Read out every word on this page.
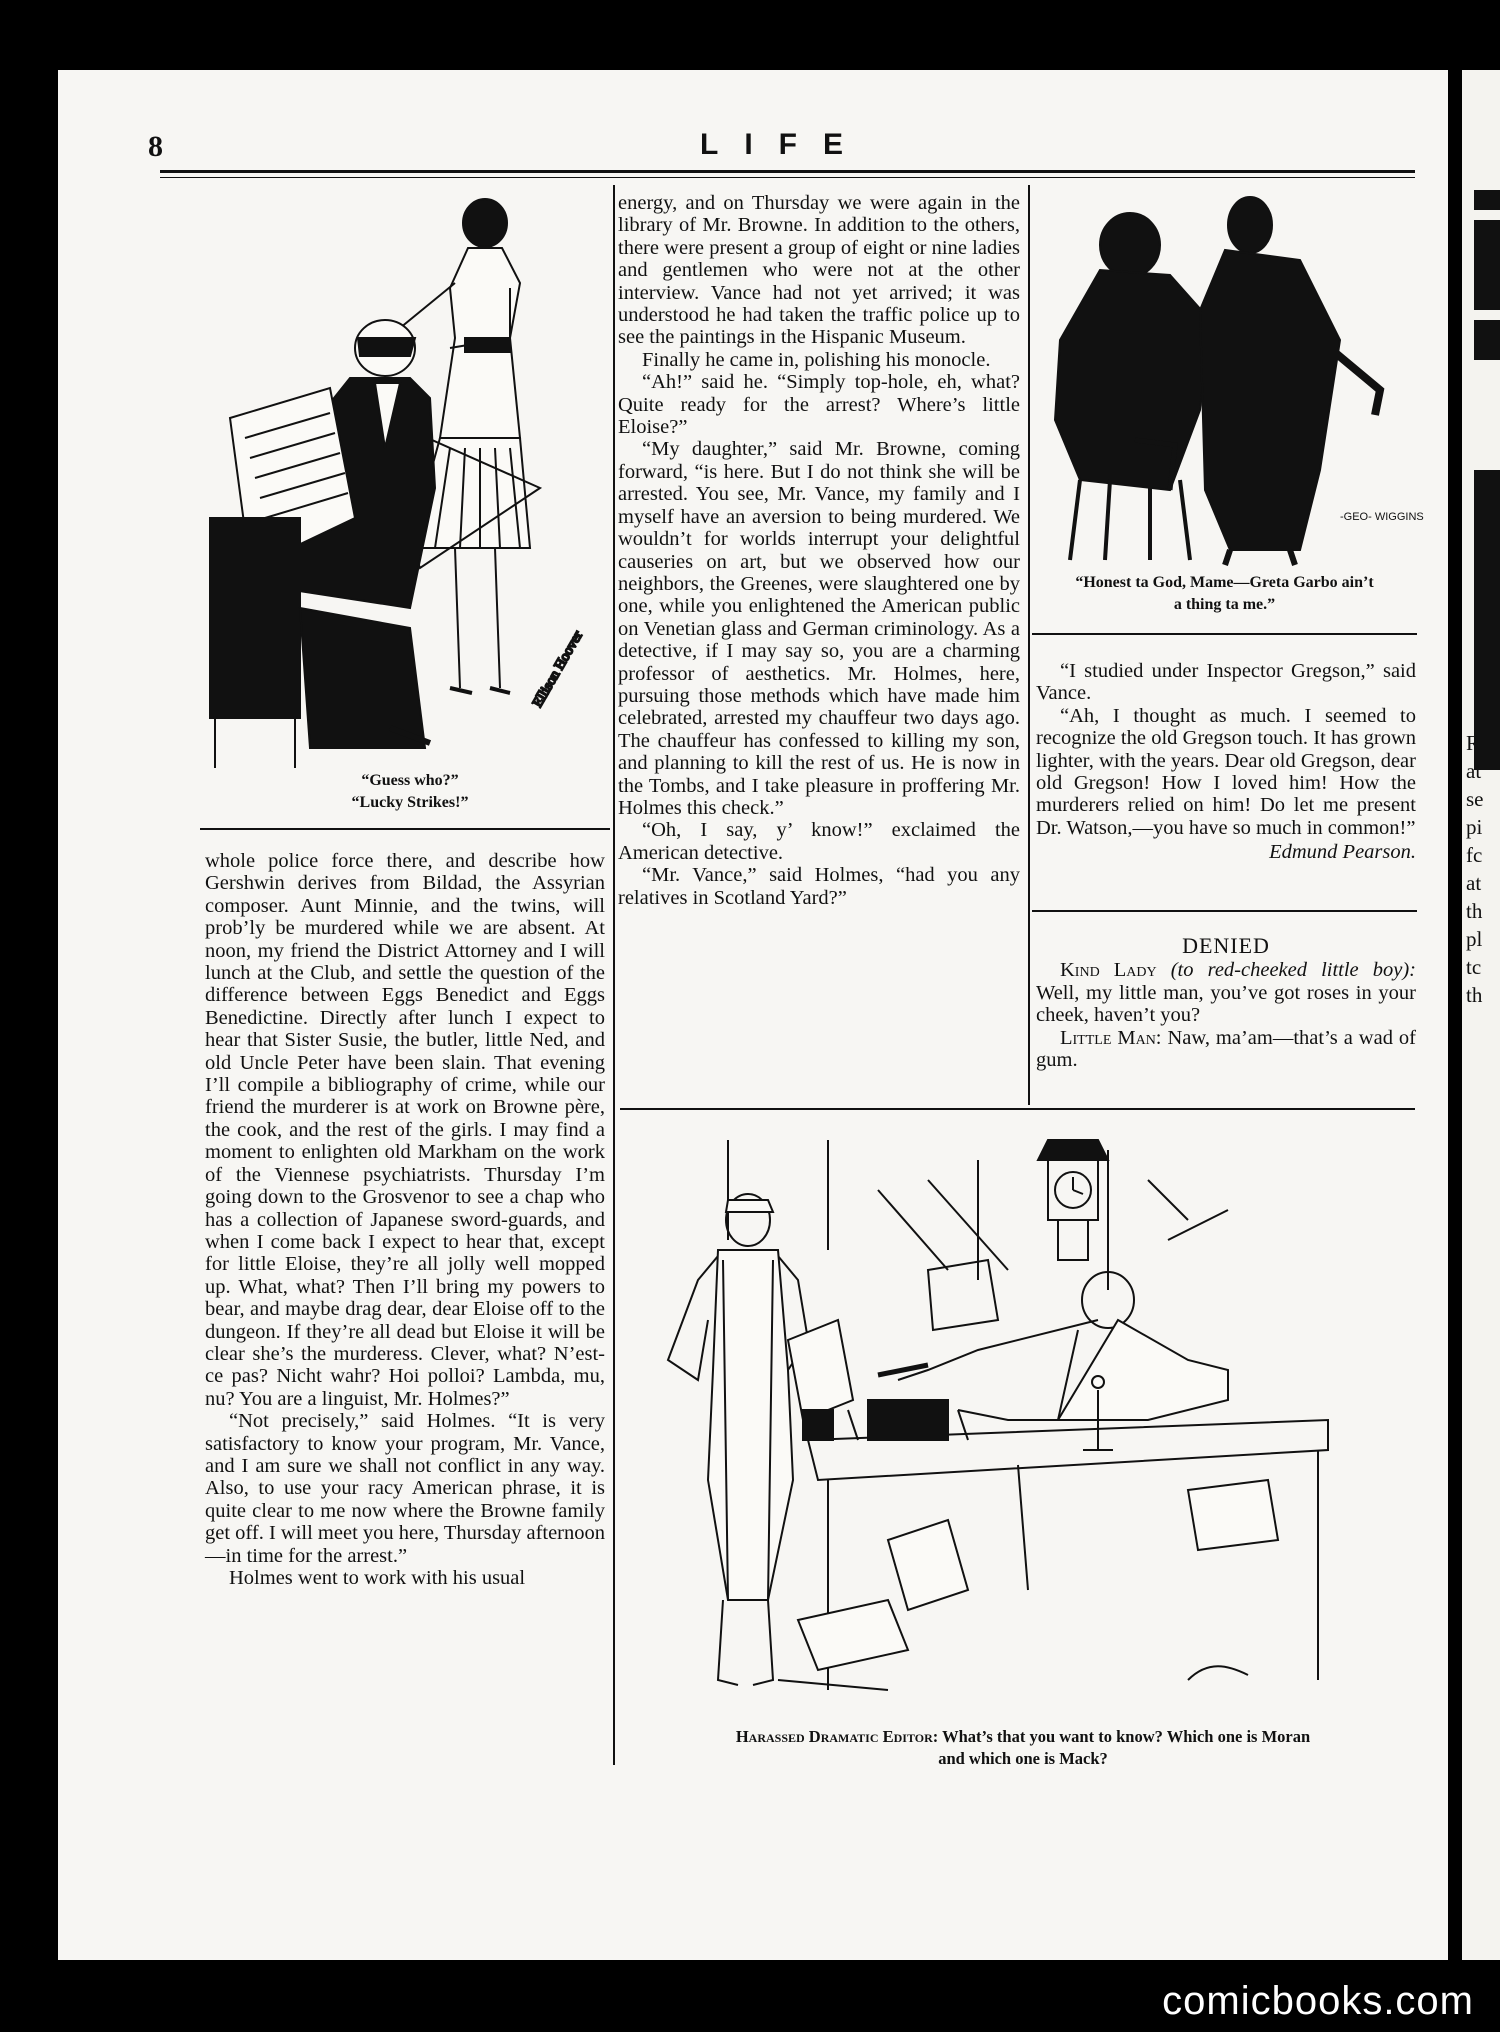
R
at
se
pi
fc
at
th
pl
tc
th
8	LIFE
Ellison Hoover
“Guess who?”
“Lucky Strikes!”

whole police force there, and describe how Gershwin derives from Bildad, the Assyrian composer. Aunt Minnie, and the twins, will prob’ly be murdered while we are absent. At noon, my friend the District Attorney and I will lunch at the Club, and settle the question of the difference between Eggs Benedict and Eggs Benedictine. Directly after lunch I expect to hear that Sister Susie, the butler, little Ned, and old Uncle Peter have been slain. That evening I’ll compile a bibliography of crime, while our friend the murderer is at work on Browne père, the cook, and the rest of the girls. I may find a moment to enlighten old Markham on the work of the Viennese psychiatrists. Thursday I’m going down to the Grosvenor to see a chap who has a collection of Japanese sword-guards, and when I come back I expect to hear that, except for little Eloise, they’re all jolly well mopped up. What, what? Then I’ll bring my powers to bear, and maybe drag dear, dear Eloise off to the dungeon. If they’re all dead but Eloise it will be clear she’s the murderess. Clever, what? N’est-ce pas? Nicht wahr? Hoi polloi? Lambda, mu, nu? You are a linguist, Mr. Holmes?”

“Not precisely,” said Holmes. “It is very satisfactory to know your program, Mr. Vance, and I am sure we shall not conflict in any way. Also, to use your racy American phrase, it is quite clear to me now where the Browne family get off. I will meet you here, Thursday afternoon —in time for the arrest.”

Holmes went to work with his usual

energy, and on Thursday we were again in the library of Mr. Browne. In addition to the others, there were present a group of eight or nine ladies and gentlemen who were not at the other interview. Vance had not yet arrived; it was understood he had taken the traffic police up to see the paintings in the Hispanic Museum.

Finally he came in, polishing his monocle.

“Ah!” said he. “Simply top-hole, eh, what? Quite ready for the arrest? Where’s little Eloise?”

“My daughter,” said Mr. Browne, coming forward, “is here. But I do not think she will be arrested. You see, Mr. Vance, my family and I myself have an aversion to being murdered. We wouldn’t for worlds interrupt your delightful causeries on art, but we observed how our neighbors, the Greenes, were slaughtered one by one, while you enlightened the American public on Venetian glass and German criminology. As a detective, if I may say so, you are a charming professor of aesthetics. Mr. Holmes, here, pursuing those methods which have made him celebrated, arrested my chauffeur two days ago. The chauffeur has confessed to killing my son, and planning to kill the rest of us. He is now in the Tombs, and I take pleasure in proffering Mr. Holmes this check.”

“Oh, I say, y’ know!” exclaimed the American detective.

“Mr. Vance,” said Holmes, “had you any relatives in Scotland Yard?”

-GEO- WIGGINS
“Honest ta God, Mame—Greta Garbo ain’t
a thing ta me.”

“I studied under Inspector Gregson,” said Vance.

“Ah, I thought as much. I seemed to recognize the old Gregson touch. It has grown lighter, with the years. Dear old Gregson, dear old Gregson! How I loved him! How the murderers relied on him! Do let me present Dr. Watson,—you have so much in common!”

Edmund Pearson.
DENIED

Kind Lady (to red-cheeked little boy): Well, my little man, you’ve got roses in your cheek, haven’t you?

Little Man: Naw, ma’am—that’s a wad of gum.

Harassed Dramatic Editor: What’s that you want to know? Which one is Moran
and which one is Mack?
comicbooks.com
